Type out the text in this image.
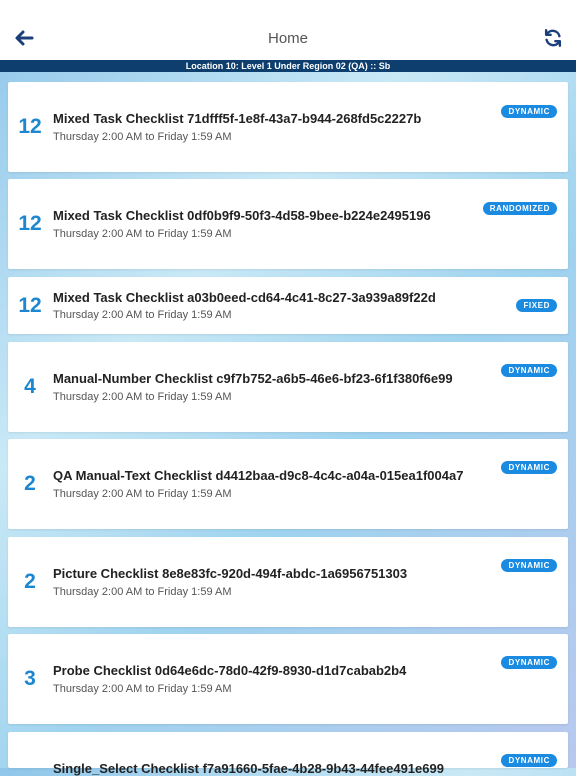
Home
Location 10: Level 1 Under Region 02 (QA) :: Sb
12 Mixed Task Checklist 71dfff5f-1e8f-43a7-b944-268fd5c2227b
Thursday 2:00 AM to Friday 1:59 AM
DYNAMIC
12 Mixed Task Checklist 0df0b9f9-50f3-4d58-9bee-b224e2495196
Thursday 2:00 AM to Friday 1:59 AM
RANDOMIZED
12 Mixed Task Checklist a03b0eed-cd64-4c41-8c27-3a939a89f22d
Thursday 2:00 AM to Friday 1:59 AM
FIXED
4	Manual-Number Checklist c9f7b752-a6b5-46e6-bf23-6f1f380f6e99
Thursday 2:00 AM to Friday 1:59 AM
DYNAMIC
2	QA Manual-Text Checklist d4412baa-d9c8-4c4c-a04a-015ea1f004a7
Thursday 2:00 AM to Friday 1:59 AM
DYNAMIC
2	Picture Checklist 8e8e83fc-920d-494f-abdc-1a6956751303
Thursday 2:00 AM to Friday 1:59 AM
DYNAMIC
3	Probe Checklist 0d64e6dc-78d0-42f9-8930-d1d7cabab2b4
Thursday 2:00 AM to Friday 1:59 AM
DYNAMIC
Single_Select Checklist f7a91660-5fae-4b28-9b43-44fee491e699
DYNAMIC
